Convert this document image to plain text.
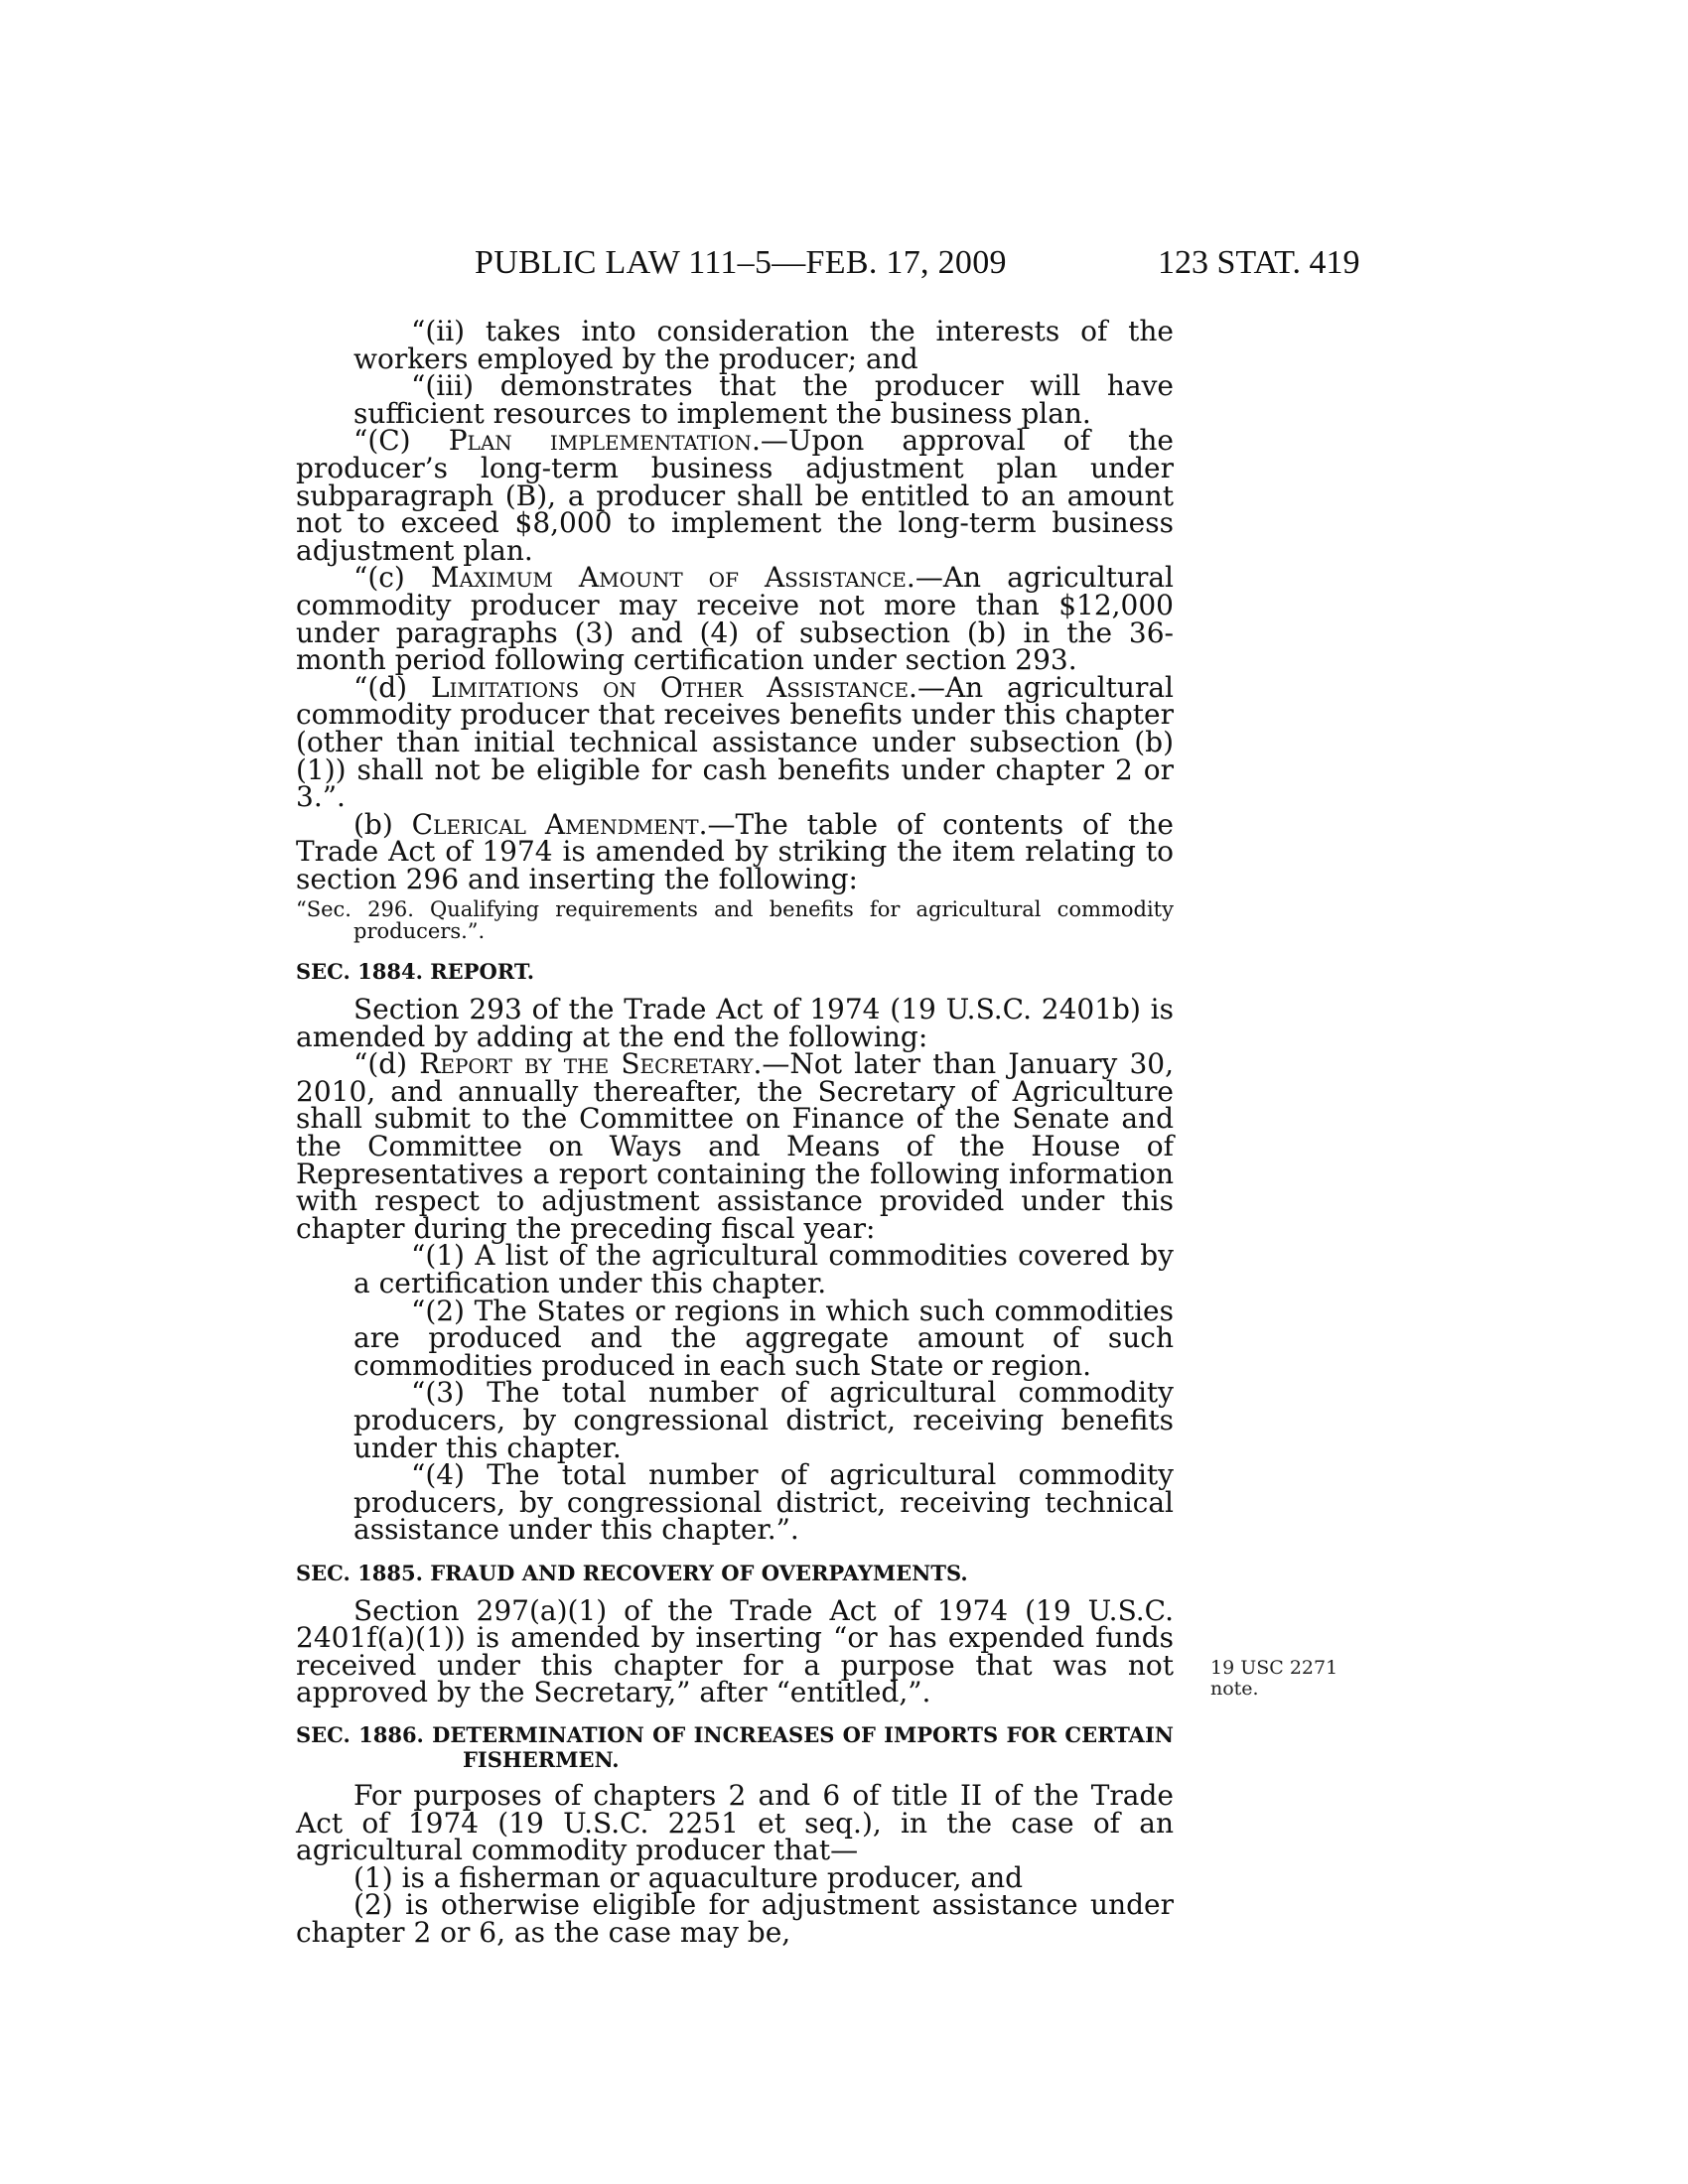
PUBLIC LAW 111–5—FEB. 17, 2009	123 STAT. 419

“(ii) takes into consideration the interests of the workers employed by the producer; and

“(iii) demonstrates that the producer will have sufficient resources to implement the business plan.

“(C) Plan implementation.—Upon approval of the producer’s long-term business adjustment plan under subparagraph (B), a producer shall be entitled to an amount not to exceed $8,000 to implement the long-term business adjustment plan.

“(c) Maximum Amount of Assistance.—An agricultural commodity producer may receive not more than $12,000 under paragraphs (3) and (4) of subsection (b) in the 36-month period following certification under section 293.

“(d) Limitations on Other Assistance.—An agricultural commodity producer that receives benefits under this chapter (other than initial technical assistance under subsection (b)(1)) shall not be eligible for cash benefits under chapter 2 or 3.”.

(b) Clerical Amendment.—The table of contents of the Trade Act of 1974 is amended by striking the item relating to section 296 and inserting the following:

“Sec. 296. Qualifying requirements and benefits for agricultural commodity producers.”.
SEC. 1884. REPORT.

Section 293 of the Trade Act of 1974 (19 U.S.C. 2401b) is amended by adding at the end the following:

“(d) Report by the Secretary.—Not later than January 30, 2010, and annually thereafter, the Secretary of Agriculture shall submit to the Committee on Finance of the Senate and the Committee on Ways and Means of the House of Representatives a report containing the following information with respect to adjustment assistance provided under this chapter during the preceding fiscal year:

“(1) A list of the agricultural commodities covered by a certification under this chapter.

“(2) The States or regions in which such commodities are produced and the aggregate amount of such commodities produced in each such State or region.

“(3) The total number of agricultural commodity producers, by congressional district, receiving benefits under this chapter.

“(4) The total number of agricultural commodity producers, by congressional district, receiving technical assistance under this chapter.”.

SEC. 1885. FRAUD AND RECOVERY OF OVERPAYMENTS.

Section 297(a)(1) of the Trade Act of 1974 (19 U.S.C. 2401f(a)(1)) is amended by inserting “or has expended funds received under this chapter for a purpose that was not approved by the Secretary,” after “entitled,”.

SEC. 1886. DETERMINATION OF INCREASES OF IMPORTS FOR CERTAIN FISHERMEN.

For purposes of chapters 2 and 6 of title II of the Trade Act of 1974 (19 U.S.C. 2251 et seq.), in the case of an agricultural commodity producer that—

(1) is a fisherman or aquaculture producer, and

(2) is otherwise eligible for adjustment assistance under chapter 2 or 6, as the case may be,

19 USC 2271
note.
